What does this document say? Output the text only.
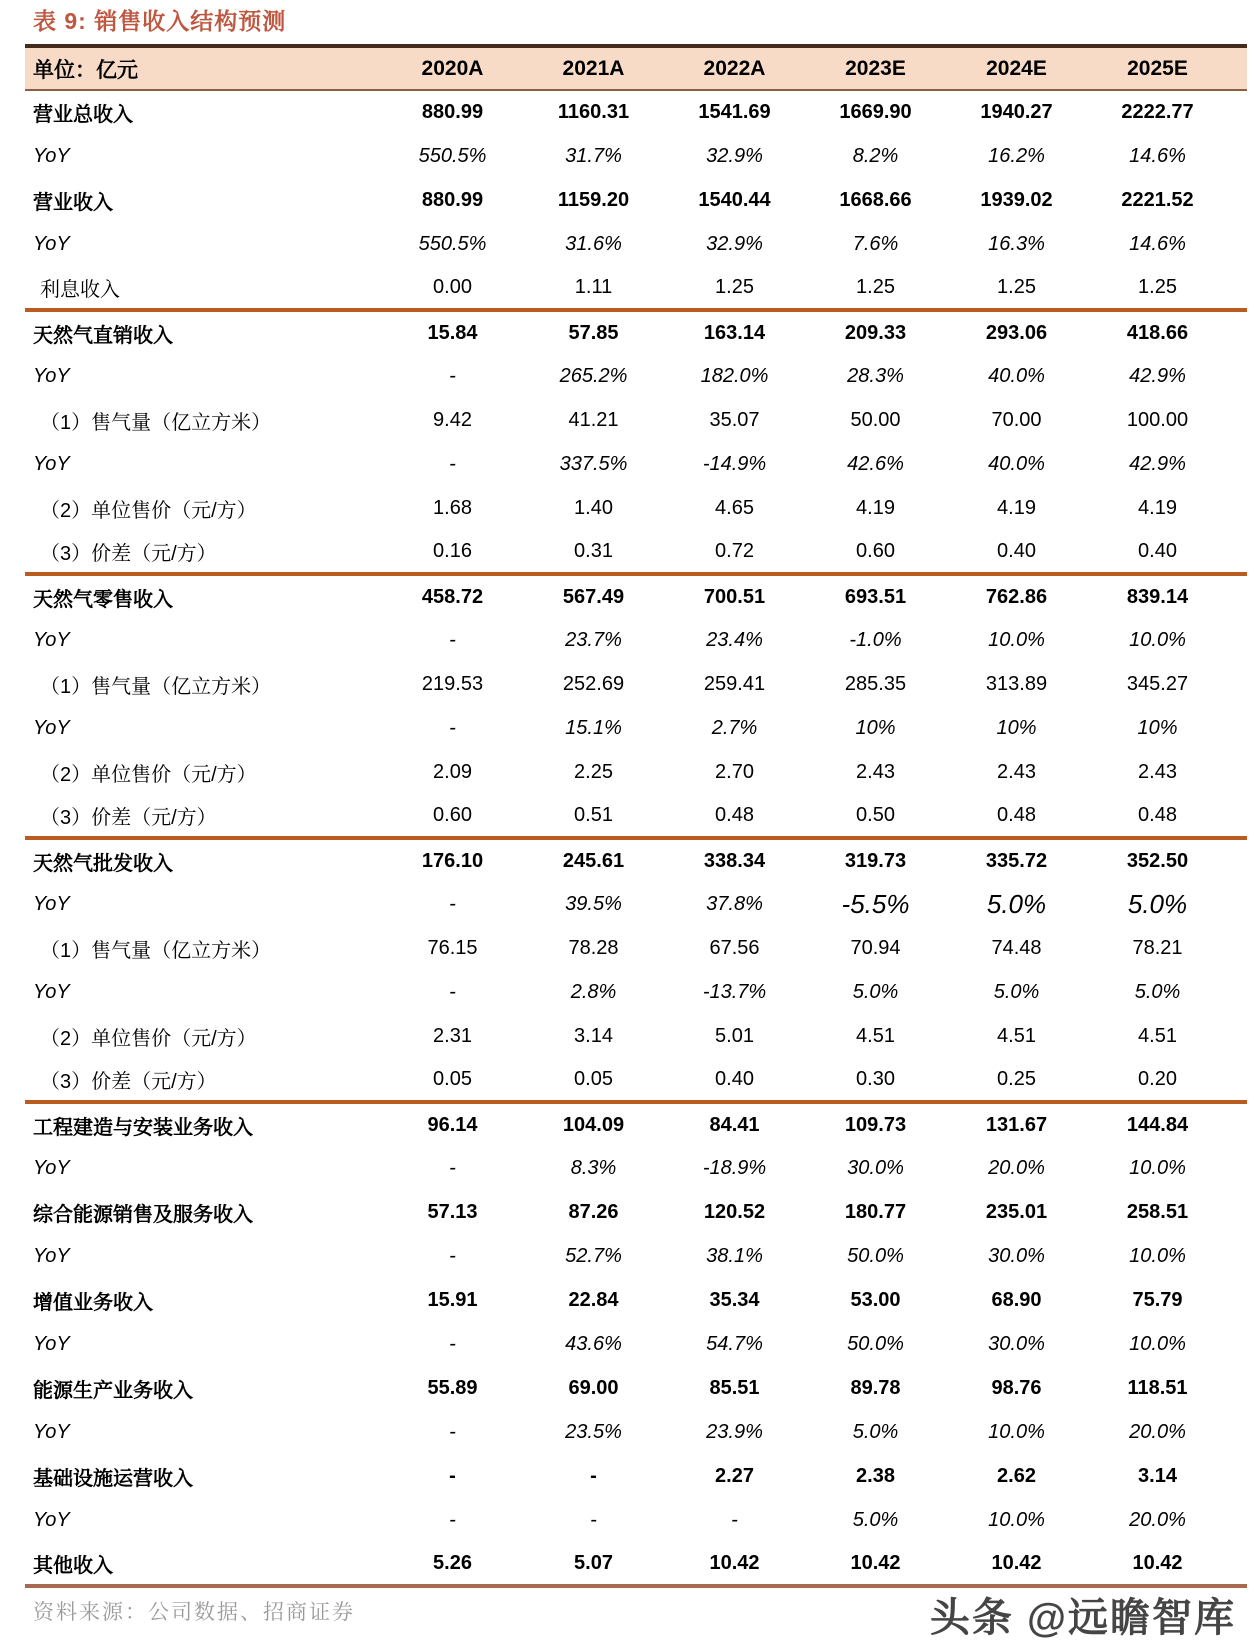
表 9: 销售收入结构预测
单位：亿元	2020A	2021A	2022A	2023E	2024E	2025E	
营业总收入	880.99	1160.31	1541.69	1669.90	1940.27	2222.77	
YoY	550.5%	31.7%	32.9%	8.2%	16.2%	14.6%	
营业收入	880.99	1159.20	1540.44	1668.66	1939.02	2221.52	
YoY	550.5%	31.6%	32.9%	7.6%	16.3%	14.6%	
利息收入	0.00	1.11	1.25	1.25	1.25	1.25	
天然气直销收入	15.84	57.85	163.14	209.33	293.06	418.66	
YoY	-	265.2%	182.0%	28.3%	40.0%	42.9%	
（1）售气量（亿立方米）	9.42	41.21	35.07	50.00	70.00	100.00	
YoY	-	337.5%	-14.9%	42.6%	40.0%	42.9%	
（2）单位售价（元/方）	1.68	1.40	4.65	4.19	4.19	4.19	
（3）价差（元/方）	0.16	0.31	0.72	0.60	0.40	0.40	
天然气零售收入	458.72	567.49	700.51	693.51	762.86	839.14	
YoY	-	23.7%	23.4%	-1.0%	10.0%	10.0%	
（1）售气量（亿立方米）	219.53	252.69	259.41	285.35	313.89	345.27	
YoY	-	15.1%	2.7%	10%	10%	10%	
（2）单位售价（元/方）	2.09	2.25	2.70	2.43	2.43	2.43	
（3）价差（元/方）	0.60	0.51	0.48	0.50	0.48	0.48	
天然气批发收入	176.10	245.61	338.34	319.73	335.72	352.50	
YoY	-	39.5%	37.8%	-5.5%	5.0%	5.0%	
（1）售气量（亿立方米）	76.15	78.28	67.56	70.94	74.48	78.21	
YoY	-	2.8%	-13.7%	5.0%	5.0%	5.0%	
（2）单位售价（元/方）	2.31	3.14	5.01	4.51	4.51	4.51	
（3）价差（元/方）	0.05	0.05	0.40	0.30	0.25	0.20	
工程建造与安装业务收入	96.14	104.09	84.41	109.73	131.67	144.84	
YoY	-	8.3%	-18.9%	30.0%	20.0%	10.0%	
综合能源销售及服务收入	57.13	87.26	120.52	180.77	235.01	258.51	
YoY	-	52.7%	38.1%	50.0%	30.0%	10.0%	
增值业务收入	15.91	22.84	35.34	53.00	68.90	75.79	
YoY	-	43.6%	54.7%	50.0%	30.0%	10.0%	
能源生产业务收入	55.89	69.00	85.51	89.78	98.76	118.51	
YoY	-	23.5%	23.9%	5.0%	10.0%	20.0%	
基础设施运营收入	-	-	2.27	2.38	2.62	3.14	
YoY	-	-	-	5.0%	10.0%	20.0%	
其他收入	5.26	5.07	10.42	10.42	10.42	10.42	
资料来源：公司数据、招商证券	头条 @远瞻智库
